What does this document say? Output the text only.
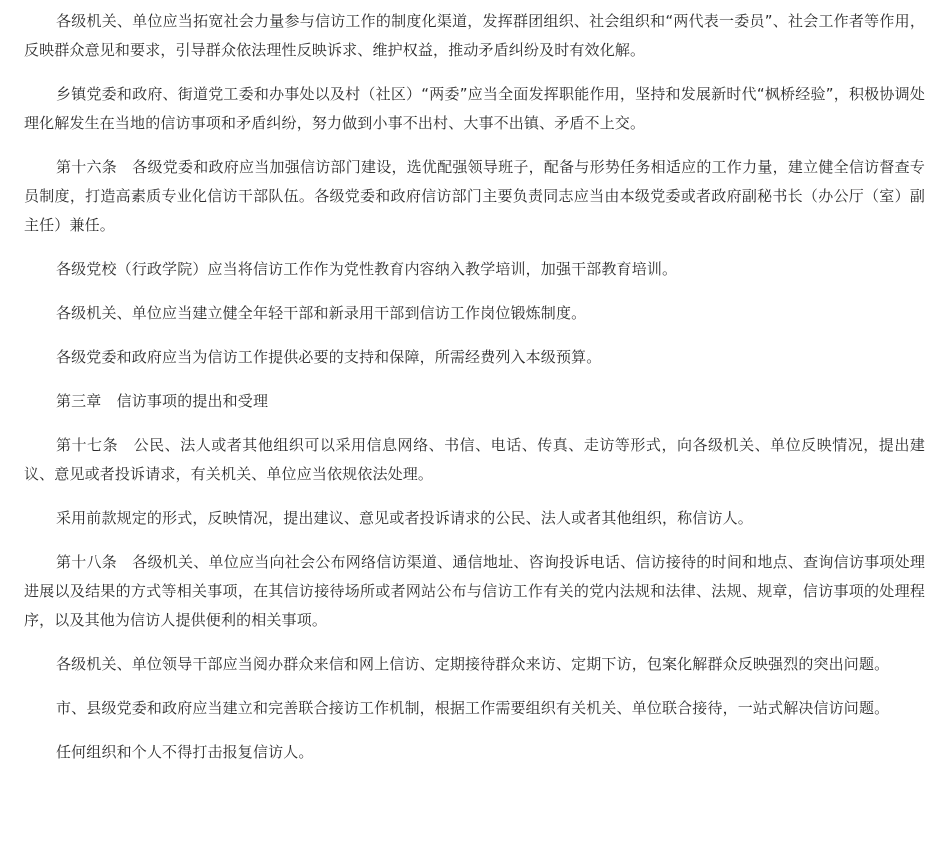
各级机关、单位应当拓宽社会力量参与信访工作的制度化渠道，发挥群团组织、社会组织和“两代表一委员”、社会工作者等作用，反映群众意见和要求，引导群众依法理性反映诉求、维护权益，推动矛盾纠纷及时有效化解。

乡镇党委和政府、街道党工委和办事处以及村（社区）“两委”应当全面发挥职能作用，坚持和发展新时代“枫桥经验”，积极协调处理化解发生在当地的信访事项和矛盾纠纷，努力做到小事不出村、大事不出镇、矛盾不上交。

第十六条　各级党委和政府应当加强信访部门建设，选优配强领导班子，配备与形势任务相适应的工作力量，建立健全信访督查专员制度，打造高素质专业化信访干部队伍。各级党委和政府信访部门主要负责同志应当由本级党委或者政府副秘书长（办公厅（室）副主任）兼任。

各级党校（行政学院）应当将信访工作作为党性教育内容纳入教学培训，加强干部教育培训。

各级机关、单位应当建立健全年轻干部和新录用干部到信访工作岗位锻炼制度。

各级党委和政府应当为信访工作提供必要的支持和保障，所需经费列入本级预算。

第三章　信访事项的提出和受理

第十七条　公民、法人或者其他组织可以采用信息网络、书信、电话、传真、走访等形式，向各级机关、单位反映情况，提出建议、意见或者投诉请求，有关机关、单位应当依规依法处理。

采用前款规定的形式，反映情况，提出建议、意见或者投诉请求的公民、法人或者其他组织，称信访人。

第十八条　各级机关、单位应当向社会公布网络信访渠道、通信地址、咨询投诉电话、信访接待的时间和地点、查询信访事项处理进展以及结果的方式等相关事项，在其信访接待场所或者网站公布与信访工作有关的党内法规和法律、法规、规章，信访事项的处理程序，以及其他为信访人提供便利的相关事项。

各级机关、单位领导干部应当阅办群众来信和网上信访、定期接待群众来访、定期下访，包案化解群众反映强烈的突出问题。

市、县级党委和政府应当建立和完善联合接访工作机制，根据工作需要组织有关机关、单位联合接待，一站式解决信访问题。

任何组织和个人不得打击报复信访人。
